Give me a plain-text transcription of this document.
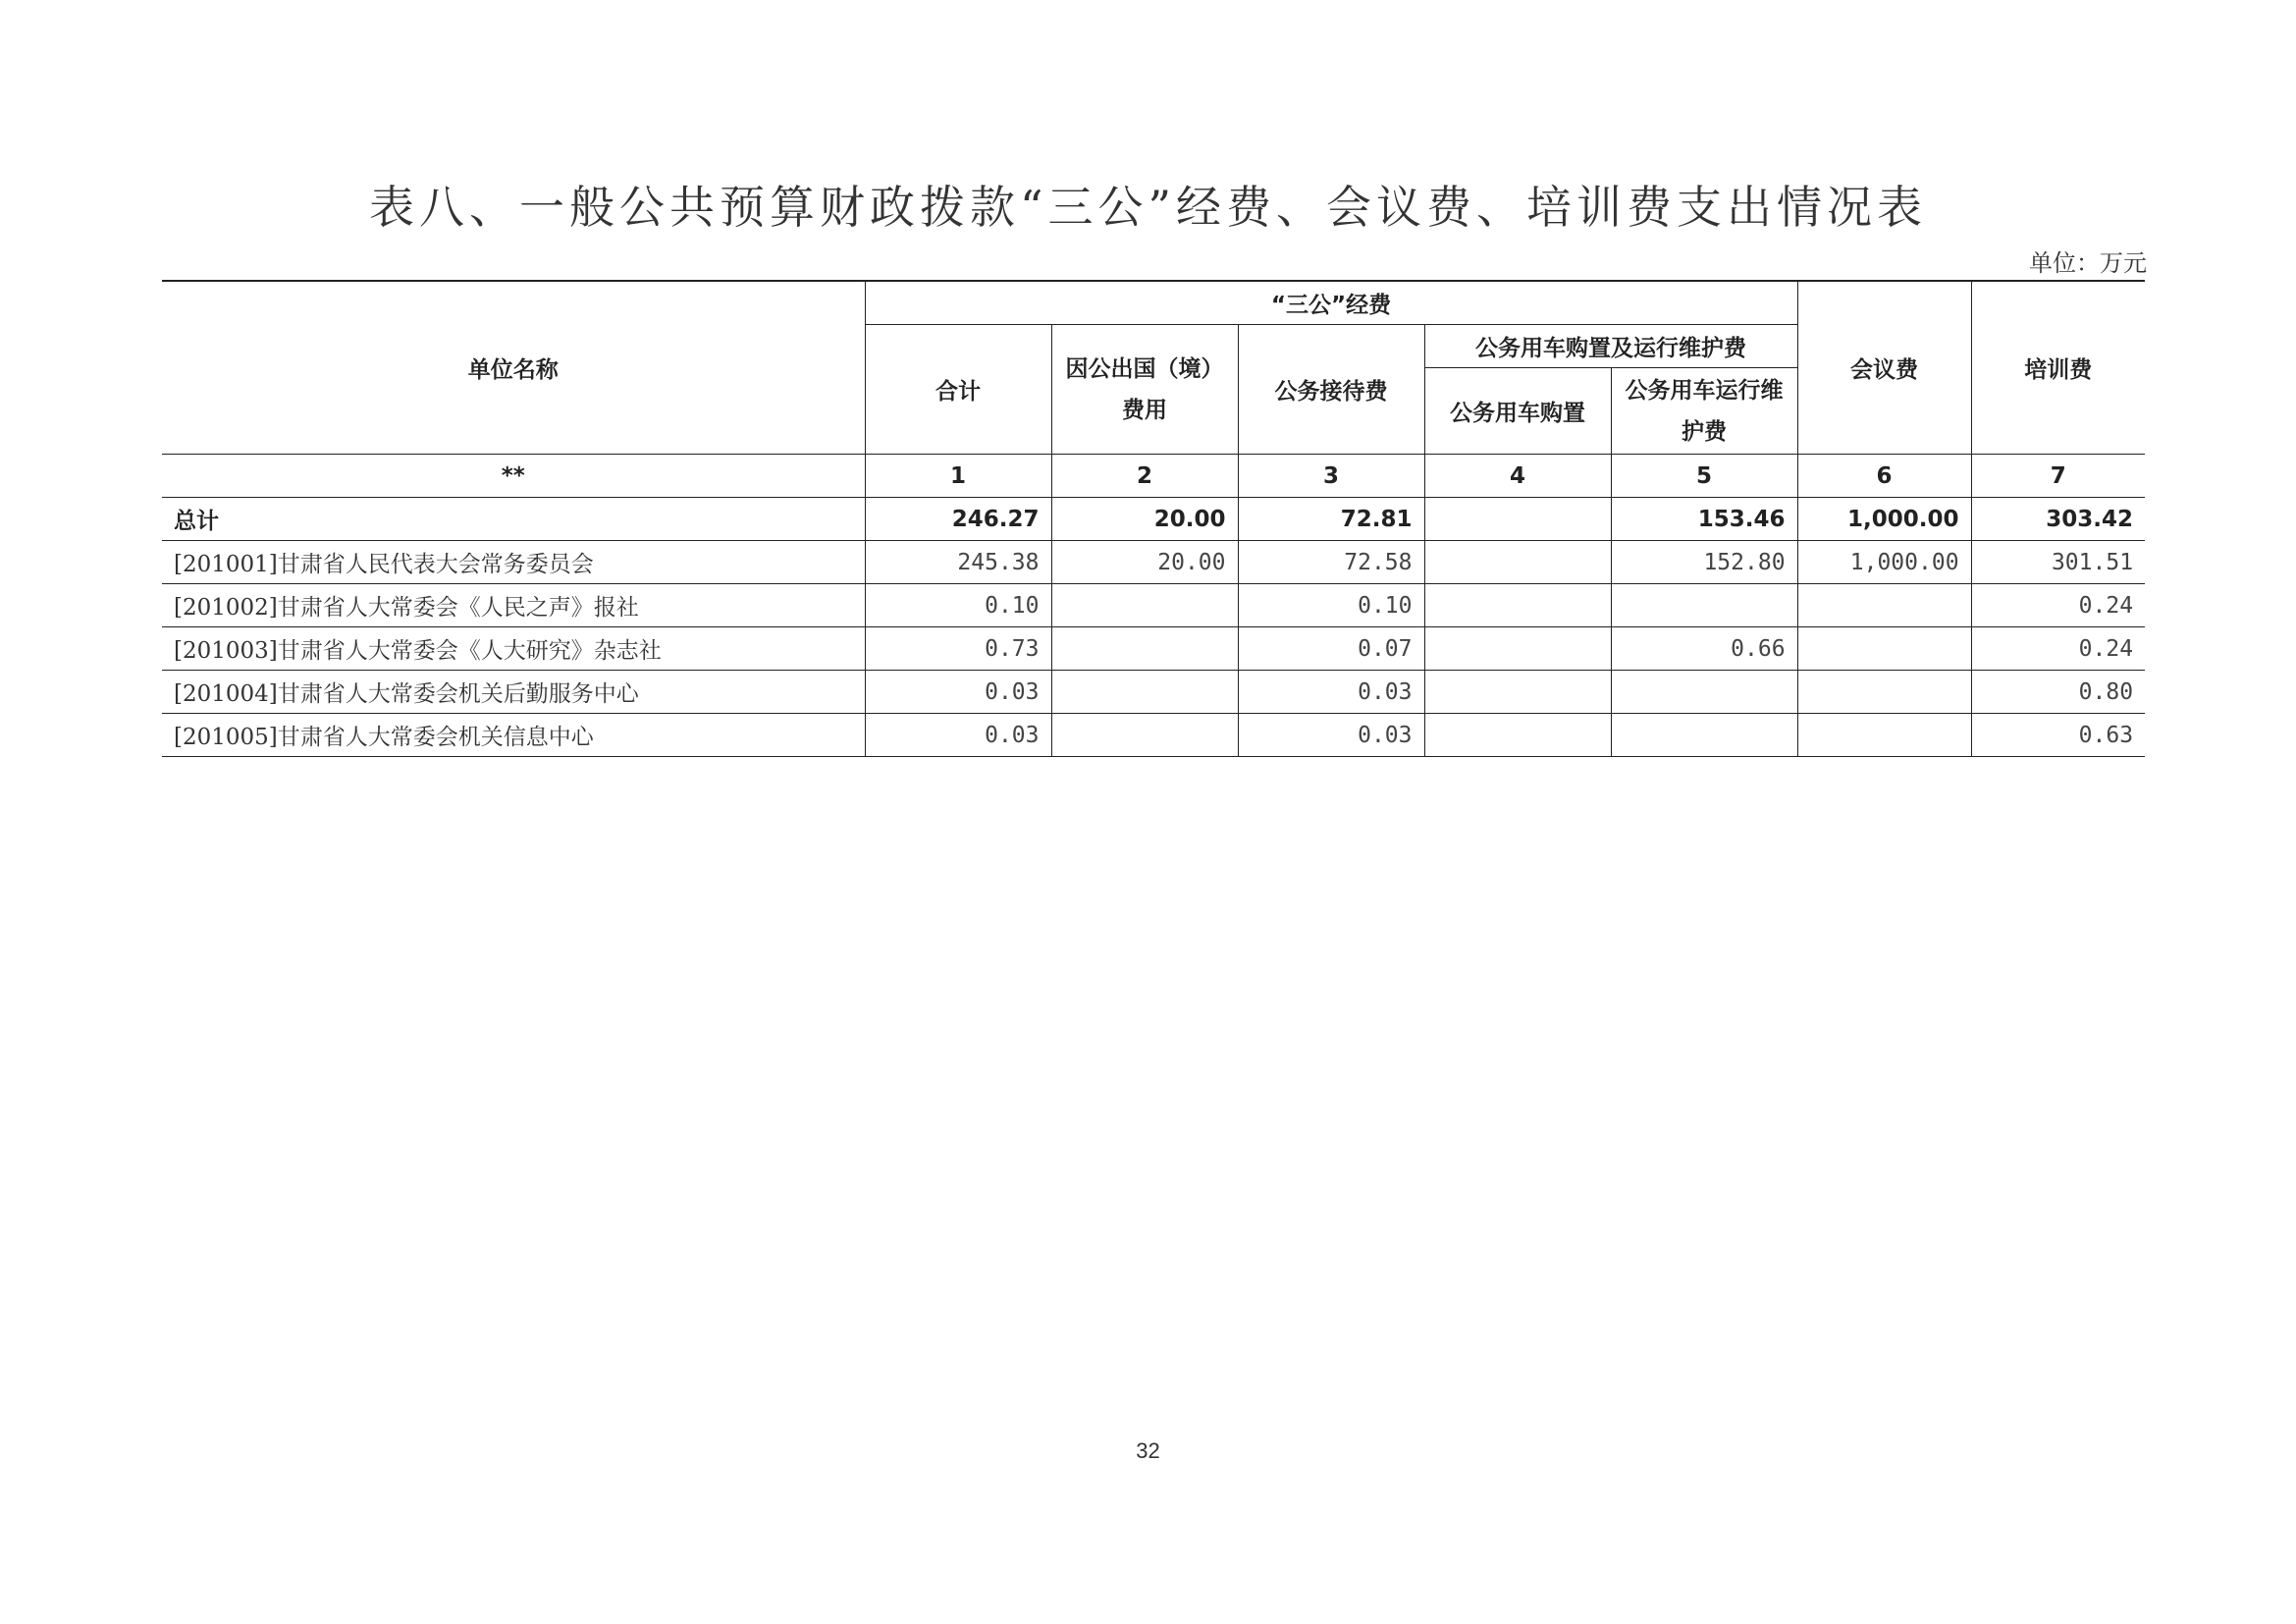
表八、一般公共预算财政拨款“三公”经费、会议费、培训费支出情况表
单位：万元
单位名称	“三公”经费					会议费	培训费
	合计	因公出国（境）费用	公务接待费	公务用车购置及运行维护费			
				公务用车购置	公务用车运行维护费		
**	1	2	3	4	5	6	7
总计	246.27	20.00	72.81		153.46	1,000.00	303.42
[201001]甘肃省人民代表大会常务委员会	245.38	20.00	72.58		152.80	1,000.00	301.51
[201002]甘肃省人大常委会《人民之声》报社	0.10		0.10				0.24
[201003]甘肃省人大常委会《人大研究》杂志社	0.73		0.07		0.66		0.24
[201004]甘肃省人大常委会机关后勤服务中心	0.03		0.03				0.80
[201005]甘肃省人大常委会机关信息中心	0.03		0.03				0.63
32
